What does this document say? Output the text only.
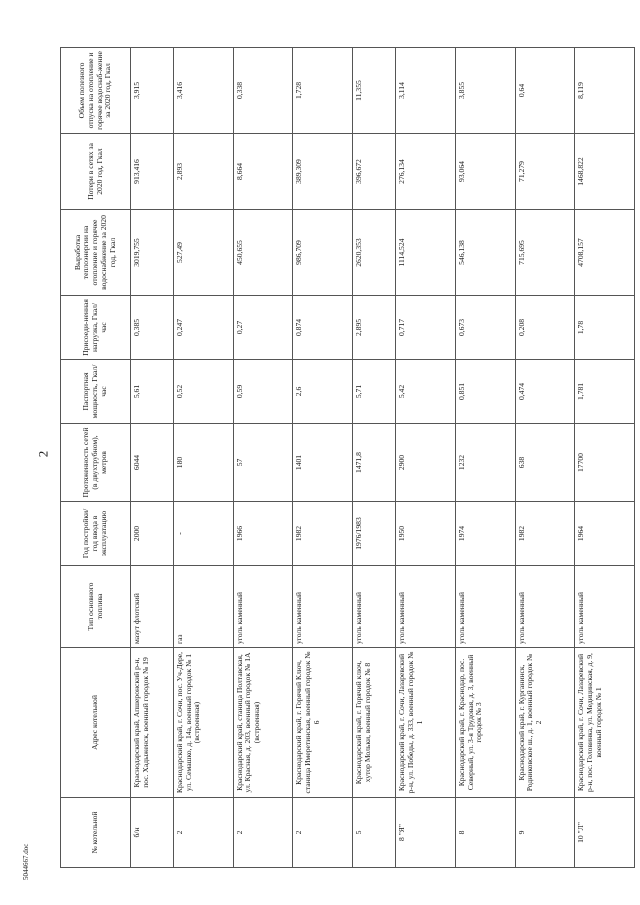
2
№ котельной	Адрес котельной	Тип основного топлива	Год постройки/год ввода в эксплуатацию	Протяженность сетей (в двухтрубном), метров	Паспортная мощность, Гкал/час	Присоеди-ненная нагрузка, Гкал/час	Выработка теплоэнергии на отопление и горячее водоснабжение за 2020 год, Гкал	Потери в сетях за 2020 год, Гкал	Объем полезного отпуска на отопление и горячее водоснаб-жение за 2020 год, Гкал
б/н	Краснодарский край, Апшеронский р-н, пос. Хадыженск, военный городок № 19	мазут флотский	2000	6044	5,61	0,385	3019,755	913,416	3,915
2	Краснодарский край, г. Сочи, пос. Уч-Дере, ул. Семашко, д. 14а, военный городок № 1 (встроенная)	газ	-	180	0,52	0,247	527,49	2,893	3,416
2	Краснодарский край, станица Полтавская, ул. Красная, д. 203, военный городок № 1А (встроенная)	уголь каменный	1966	57	0,59	0,27	450,655	8,664	0,338
2	Краснодарский край, г. Горячий Ключ, станица Имеретинская, военный городок № 6	уголь каменный	1982	1401	2,6	0,874	986,709	389,309	1,728
5	Краснодарский край, г. Горячий ключ, хутор Мольки, военный городок № 8	уголь каменный	1976/1983	1471,8	5,71	2,895	2620,353	396,672	11,355
8 "Я"	Краснодарский край, г. Сочи, Лазаревский р-н, ул. Победы, д. 333, военный городок № 1	уголь каменный	1950	2900	5,42	0,717	1114,524	276,134	3,114
8	Краснодарский край, г. Краснодар, пос. Северный, ул. 3-я Трудовая, д. 3, военный городок № 3	уголь каменный	1974	1232	0,851	0,673	546,138	93,064	3,855
9	Краснодарский край, г. Курганинск, Родниковское ш., д. 1, военный городок № 2	уголь каменный	1982	638	0,474	0,208	715,695	71,279	0,64
10 "Л"	Краснодарский край, г. Сочи, Лазаревский р-н, пос. Головинка, ул. Медицинская, д. 9, военный городок № 1	уголь каменный	1964	17700	1,781	1,78	4708,157	1468,822	8,119
5044667.doc
